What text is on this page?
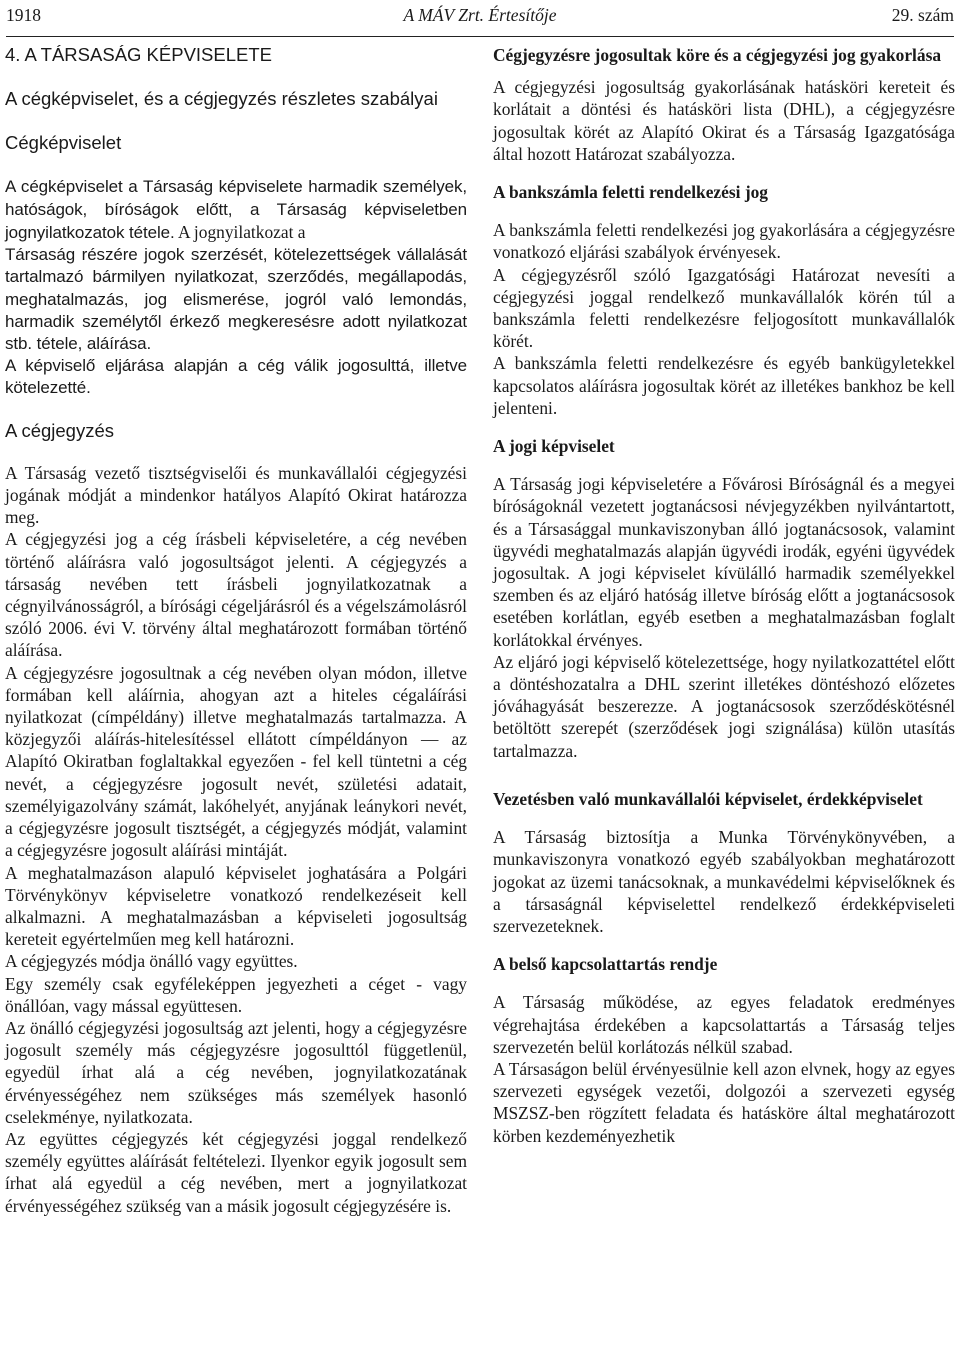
1918	A MÁV Zrt. Értesítője	29. szám

4. A TÁRSASÁG KÉPVISELETE

A cégképviselet, és a cégjegyzés részletes szabályai

Cégképviselet

A cégképviselet a Társaság képviselete harmadik személyek, hatóságok, bíróságok előtt, a Társaság képviseletben jognyilatkozatok tétele. A jognyilatkozat a

Társaság részére jogok szerzését, kötelezettségek vállalását tartalmazó bármilyen nyilatkozat, szerződés, megállapodás, meghatalmazás, jog elismerése, jogról való lemondás, harmadik személytől érkező megkeresésre adott nyilatkozat stb. tétele, aláírása.

A képviselő eljárása alapján a cég válik jogosulttá, illetve kötelezetté.

A cégjegyzés

A Társaság vezető tisztségviselői és munkavállalói cégjegyzési jogának módját a mindenkor hatályos Alapító Okirat határozza meg.

A cégjegyzési jog a cég írásbeli képviseletére, a cég nevében történő aláírásra való jogosultságot jelenti. A cégjegyzés a társaság nevében tett írásbeli jognyilatkozatnak a cégnyilvánosságról, a bírósági cégeljárásról és a végelszámolásról szóló 2006. évi V. törvény által meghatározott formában történő aláírása.

A cégjegyzésre jogosultnak a cég nevében olyan módon, illetve formában kell aláírnia, ahogyan azt a hiteles cégaláírási nyilatkozat (címpéldány) illetve meghatalmazás tartalmazza. A közjegyzői aláírás-hitelesítéssel ellátott címpéldányon — az Alapító Okiratban foglaltakkal egyezően - fel kell tüntetni a cég nevét, a cégjegyzésre jogosult nevét, születési adatait, személyigazolvány számát, lakóhelyét, anyjának leánykori nevét, a cégjegyzésre jogosult tisztségét, a cégjegyzés módját, valamint a cégjegyzésre jogosult aláírási mintáját.

A meghatalmazáson alapuló képviselet joghatására a Polgári Törvénykönyv képviseletre vonatkozó rendelkezéseit kell alkalmazni. A meghatalmazásban a képviseleti jogosultság kereteit egyértelműen meg kell határozni.

A cégjegyzés módja önálló vagy együttes.

Egy személy csak egyféleképpen jegyezheti a céget - vagy önállóan, vagy mással együttesen.

Az önálló cégjegyzési jogosultság azt jelenti, hogy a cégjegyzésre jogosult személy más cégjegyzésre jogosulttól függetlenül, egyedül írhat alá a cég nevében, jognyilatkozatának érvényességéhez nem szükséges más személyek hasonló cselekménye, nyilatkozata.

Az együttes cégjegyzés két cégjegyzési joggal rendelkező személy együttes aláírását feltételezi. Ilyenkor egyik jogosult sem írhat alá egyedül a cég nevében, mert a jognyilatkozat érvényességéhez szükség van a másik jogosult cégjegyzésére is.

Cégjegyzésre jogosultak köre és a cégjegyzési jog gyakorlása

A cégjegyzési jogosultság gyakorlásának hatásköri kereteit és korlátait a döntési és hatásköri lista (DHL), a cégjegyzésre jogosultak körét az Alapító Okirat és a Társaság Igazgatósága által hozott Határozat szabályozza.

A bankszámla feletti rendelkezési jog

A bankszámla feletti rendelkezési jog gyakorlására a cégjegyzésre vonatkozó eljárási szabályok érvényesek.

A cégjegyzésről szóló Igazgatósági Határozat nevesíti a cégjegyzési joggal rendelkező munkavállalók körén túl a bankszámla feletti rendelkezésre feljogosított munkavállalók körét.

A bankszámla feletti rendelkezésre és egyéb bankügyletekkel kapcsolatos aláírásra jogosultak körét az illetékes bankhoz be kell jelenteni.

A jogi képviselet

A Társaság jogi képviseletére a Fővárosi Bíróságnál és a megyei bíróságoknál vezetett jogtanácsosi névjegyzékben nyilvántartott, és a Társasággal munkaviszonyban álló jogtanácsosok, valamint ügyvédi meghatalmazás alapján ügyvédi irodák, egyéni ügyvédek jogosultak. A jogi képviselet kívülálló harmadik személyekkel szemben és az eljáró hatóság illetve bíróság előtt a jogtanácsosok esetében korlátlan, egyéb esetben a meghatalmazásban foglalt korlátokkal érvényes.

Az eljáró jogi képviselő kötelezettsége, hogy nyilatkozattétel előtt a döntéshozatalra a DHL szerint illetékes döntéshozó előzetes jóváhagyását beszerezze. A jogtanácsosok szerződéskötésnél betöltött szerepét (szerződések jogi szignálása) külön utasítás tartalmazza.

Vezetésben való munkavállalói képviselet, érdekképviselet

A Társaság biztosítja a Munka Törvénykönyvében, a munkaviszonyra vonatkozó egyéb szabályokban meghatározott jogokat az üzemi tanácsoknak, a munkavédelmi képviselőknek és a társaságnál képviselettel rendelkező érdekképviseleti szervezeteknek.

A belső kapcsolattartás rendje

A Társaság működése, az egyes feladatok eredményes végrehajtása érdekében a kapcsolattartás a Társaság teljes szervezetén belül korlátozás nélkül szabad.

A Társaságon belül érvényesülnie kell azon elvnek, hogy az egyes szervezeti egységek vezetői, dolgozói a szervezeti egység MSZSZ-ben rögzített feladata és hatásköre által meghatározott körben kezdeményezhetik
